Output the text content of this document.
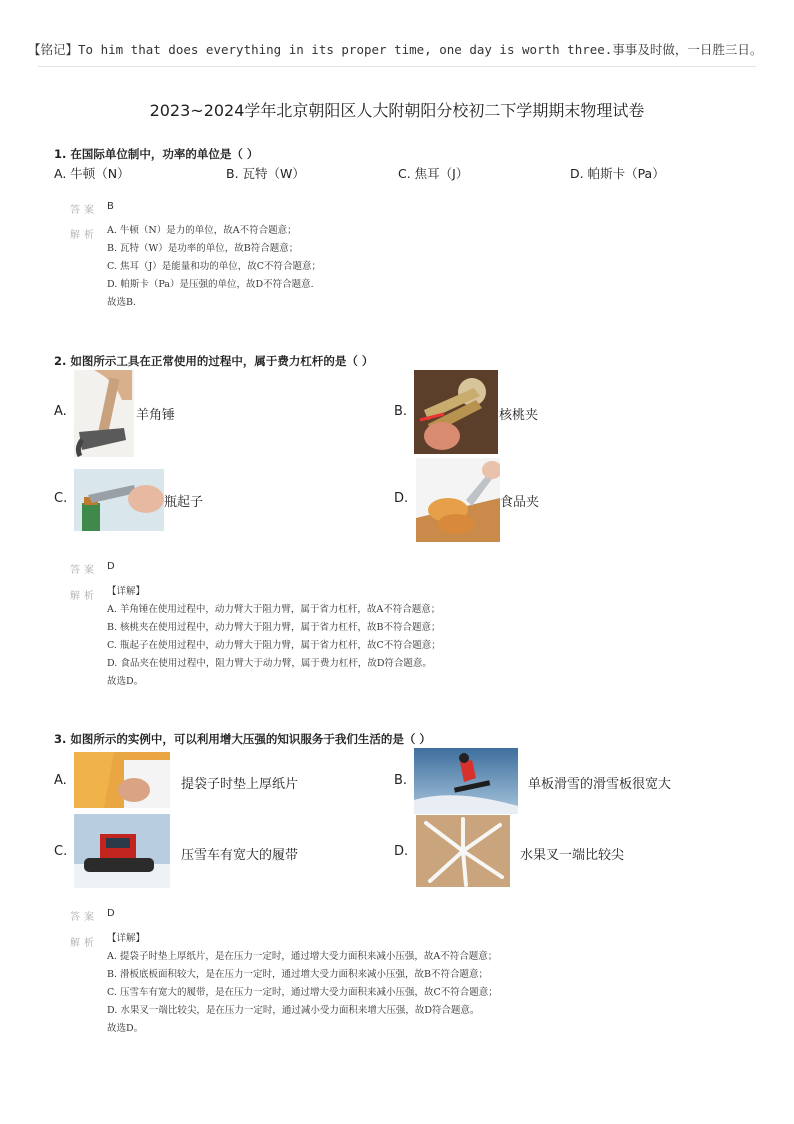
【铭记】To him that does everything in its proper time, one day is worth three.事事及时做，一日胜三日。
2023~2024学年北京朝阳区人大附朝阳分校初二下学期期末物理试卷
1. 在国际单位制中，功率的单位是（ ）
A. 牛顿（N）	B. 瓦特（W）	C. 焦耳（J）	D. 帕斯卡（Pa）
答案 B
解析 A. 牛顿（N）是力的单位，故A不符合题意；
B. 瓦特（W）是功率的单位，故B符合题意；
C. 焦耳（J）是能量和功的单位，故C不符合题意；
D. 帕斯卡（Pa）是压强的单位，故D不符合题意.
故选B.
2. 如图所示工具在正常使用的过程中，属于费力杠杆的是（ ）
A.	羊角锤	B.	核桃夹
C.	瓶起子	D.	食品夹
答案 D
解析 【详解】
A. 羊角锤在使用过程中，动力臂大于阻力臂，属于省力杠杆，故A不符合题意；
B. 核桃夹在使用过程中，动力臂大于阻力臂，属于省力杠杆，故B不符合题意；
C. 瓶起子在使用过程中，动力臂大于阻力臂，属于省力杠杆，故C不符合题意；
D. 食品夹在使用过程中，阻力臂大于动力臂，属于费力杠杆，故D符合题意。
故选D。
3. 如图所示的实例中，可以利用增大压强的知识服务于我们生活的是（ ）
A.	提袋子时垫上厚纸片	B.	单板滑雪的滑雪板很宽大
C.	压雪车有宽大的履带	D.	水果叉一端比较尖
答案 D
解析 【详解】
A. 提袋子时垫上厚纸片，是在压力一定时，通过增大受力面积来减小压强，故A不符合题意；
B. 滑板底板面积较大，是在压力一定时，通过增大受力面积来减小压强，故B不符合题意；
C. 压雪车有宽大的履带，是在压力一定时，通过增大受力面积来减小压强，故C不符合题意；
D. 水果叉一端比较尖，是在压力一定时，通过减小受力面积来增大压强，故D符合题意。
故选D。
